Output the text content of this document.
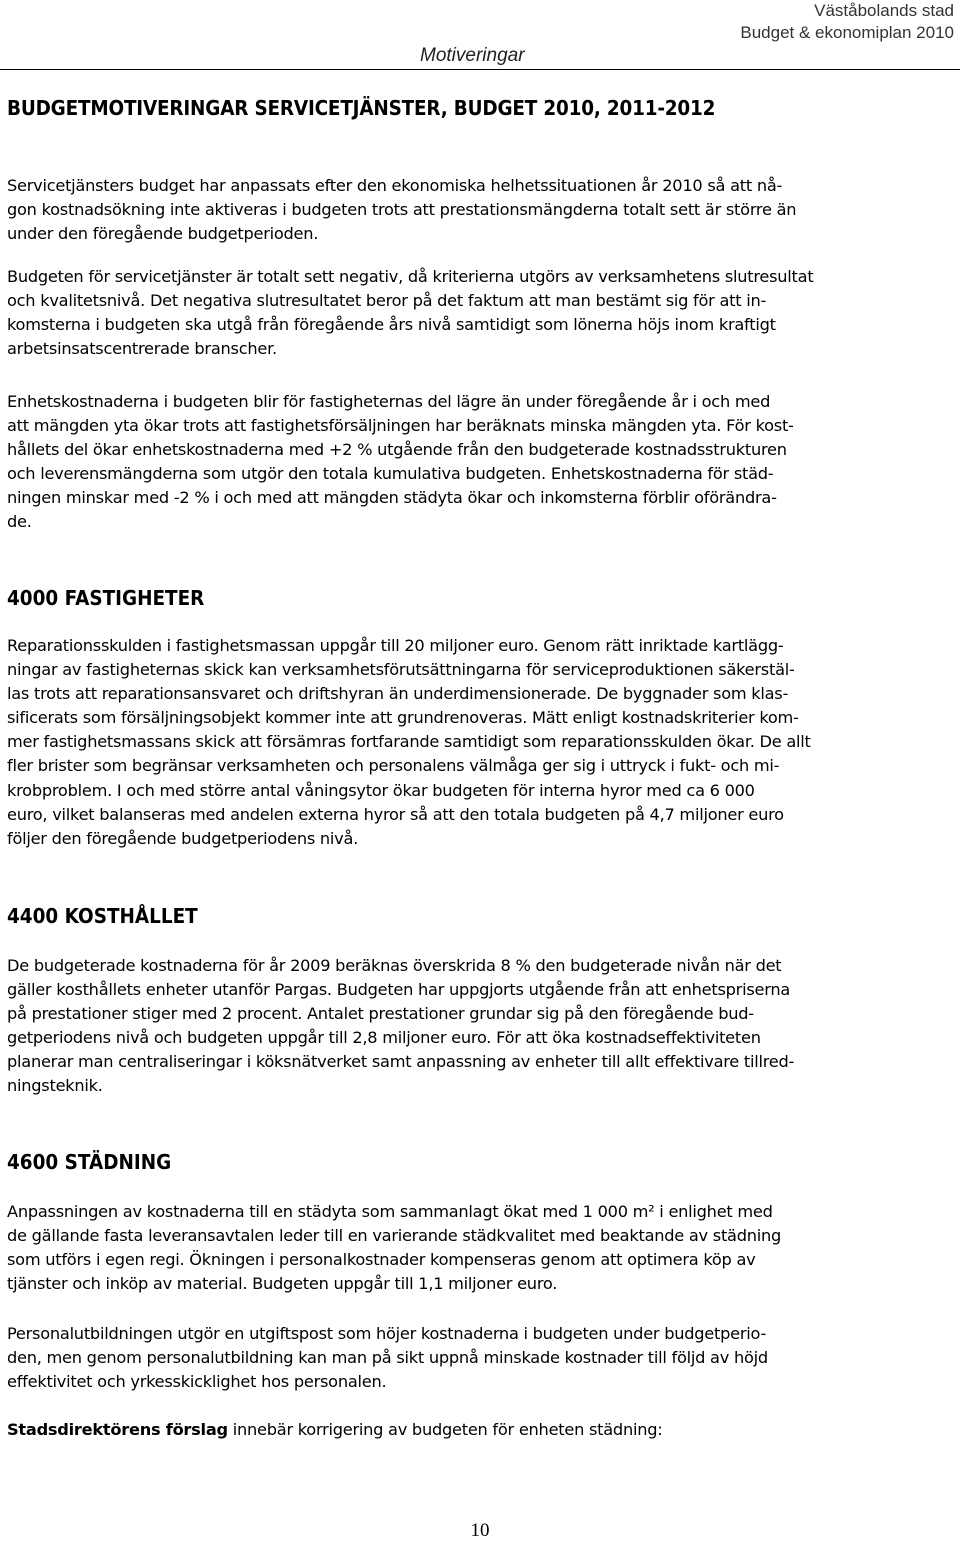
Väståbolands stad
Budget & ekonomiplan 2010
Motiveringar
BUDGETMOTIVERINGAR SERVICETJÄNSTER, BUDGET 2010, 2011-2012
Servicetjänsters budget har anpassats efter den ekonomiska helhetssituationen år 2010 så att nå-
gon kostnadsökning inte aktiveras i budgeten trots att prestationsmängderna totalt sett är större än
under den föregående budgetperioden.
Budgeten för servicetjänster är totalt sett negativ, då kriterierna utgörs av verksamhetens slutresultat
och kvalitetsnivå. Det negativa slutresultatet beror på det faktum att man bestämt sig för att in-
komsterna i budgeten ska utgå från föregående års nivå samtidigt som lönerna höjs inom kraftigt
arbetsinsatscentrerade branscher.
Enhetskostnaderna i budgeten blir för fastigheternas del lägre än under föregående år i och med
att mängden yta ökar trots att fastighetsförsäljningen har beräknats minska mängden yta. För kost-
hållets del ökar enhetskostnaderna med +2 % utgående från den budgeterade kostnadsstrukturen
och leverensmängderna som utgör den totala kumulativa budgeten. Enhetskostnaderna för städ-
ningen minskar med -2 % i och med att mängden städyta ökar och inkomsterna förblir oförändra-
de.
4000 FASTIGHETER
Reparationsskulden i fastighetsmassan uppgår till 20 miljoner euro. Genom rätt inriktade kartlägg-
ningar av fastigheternas skick kan verksamhetsförutsättningarna för serviceproduktionen säkerstäl-
las trots att reparationsansvaret och driftshyran än underdimensionerade. De byggnader som klas-
sificerats som försäljningsobjekt kommer inte att grundrenoveras. Mätt enligt kostnadskriterier kom-
mer fastighetsmassans skick att försämras fortfarande samtidigt som reparationsskulden ökar. De allt
fler brister som begränsar verksamheten och personalens välmåga ger sig i uttryck i fukt- och mi-
krobproblem. I och med större antal våningsytor ökar budgeten för interna hyror med ca 6 000
euro, vilket balanseras med andelen externa hyror så att den totala budgeten på 4,7 miljoner euro
följer den föregående budgetperiodens nivå.
4400 KOSTHÅLLET
De budgeterade kostnaderna för år 2009 beräknas överskrida 8 % den budgeterade nivån när det
gäller kosthållets enheter utanför Pargas. Budgeten har uppgjorts utgående från att enhetspriserna
på prestationer stiger med 2 procent. Antalet prestationer grundar sig på den föregående bud-
getperiodens nivå och budgeten uppgår till 2,8 miljoner euro. För att öka kostnadseffektiviteten
planerar man centraliseringar i köksnätverket samt anpassning av enheter till allt effektivare tillred-
ningsteknik.
4600 STÄDNING
Anpassningen av kostnaderna till en städyta som sammanlagt ökat med 1 000 m² i enlighet med
de gällande fasta leveransavtalen leder till en varierande städkvalitet med beaktande av städning
som utförs i egen regi. Ökningen i personalkostnader kompenseras genom att optimera köp av
tjänster och inköp av material. Budgeten uppgår till 1,1 miljoner euro.
Personalutbildningen utgör en utgiftspost som höjer kostnaderna i budgeten under budgetperio-
den, men genom personalutbildning kan man på sikt uppnå minskade kostnader till följd av höjd
effektivitet och yrkesskicklighet hos personalen.
Stadsdirektörens förslag innebär korrigering av budgeten för enheten städning:
10
